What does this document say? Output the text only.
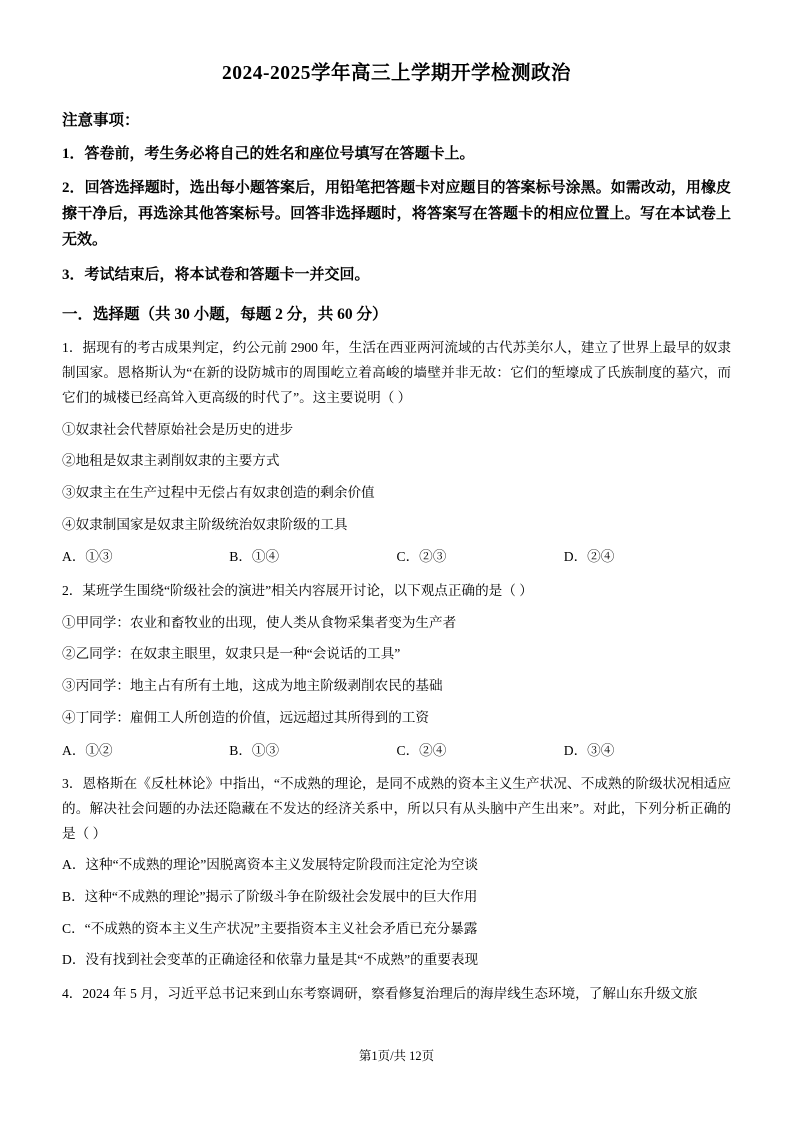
2024-2025学年高三上学期开学检测政治
注意事项：
1．答卷前，考生务必将自己的姓名和座位号填写在答题卡上。
2．回答选择题时，选出每小题答案后，用铅笔把答题卡对应题目的答案标号涂黑。如需改动，用橡皮擦干净后，再选涂其他答案标号。回答非选择题时，将答案写在答题卡的相应位置上。写在本试卷上无效。
3．考试结束后，将本试卷和答题卡一并交回。
一．选择题（共 30 小题，每题 2 分，共 60 分）
1．据现有的考古成果判定，约公元前 2900 年，生活在西亚两河流域的古代苏美尔人，建立了世界上最早的奴隶制国家。恩格斯认为“在新的设防城市的周围屹立着高峻的墙壁并非无故：它们的堑壕成了氏族制度的墓穴，而它们的城楼已经高耸入更高级的时代了”。这主要说明（ ）
①奴隶社会代替原始社会是历史的进步
②地租是奴隶主剥削奴隶的主要方式
③奴隶主在生产过程中无偿占有奴隶创造的剩余价值
④奴隶制国家是奴隶主阶级统治奴隶阶级的工具
A．①③	B．①④	C．②③	D．②④
2．某班学生围绕“阶级社会的演进”相关内容展开讨论，以下观点正确的是（ ）
①甲同学：农业和畜牧业的出现，使人类从食物采集者变为生产者
②乙同学：在奴隶主眼里，奴隶只是一种“会说话的工具”
③丙同学：地主占有所有土地，这成为地主阶级剥削农民的基础
④丁同学：雇佣工人所创造的价值，远远超过其所得到的工资
A．①②	B．①③	C．②④	D．③④
3．恩格斯在《反杜林论》中指出，“不成熟的理论，是同不成熟的资本主义生产状况、不成熟的阶级状况相适应的。解决社会问题的办法还隐藏在不发达的经济关系中，所以只有从头脑中产生出来”。对此，下列分析正确的是（ ）
A．这种“不成熟的理论”因脱离资本主义发展特定阶段而注定沦为空谈
B．这种“不成熟的理论”揭示了阶级斗争在阶级社会发展中的巨大作用
C．“不成熟的资本主义生产状况”主要指资本主义社会矛盾已充分暴露
D．没有找到社会变革的正确途径和依靠力量是其“不成熟”的重要表现
4．2024 年 5 月，习近平总书记来到山东考察调研，察看修复治理后的海岸线生态环境，了解山东升级文旅
第1页/共 12页
